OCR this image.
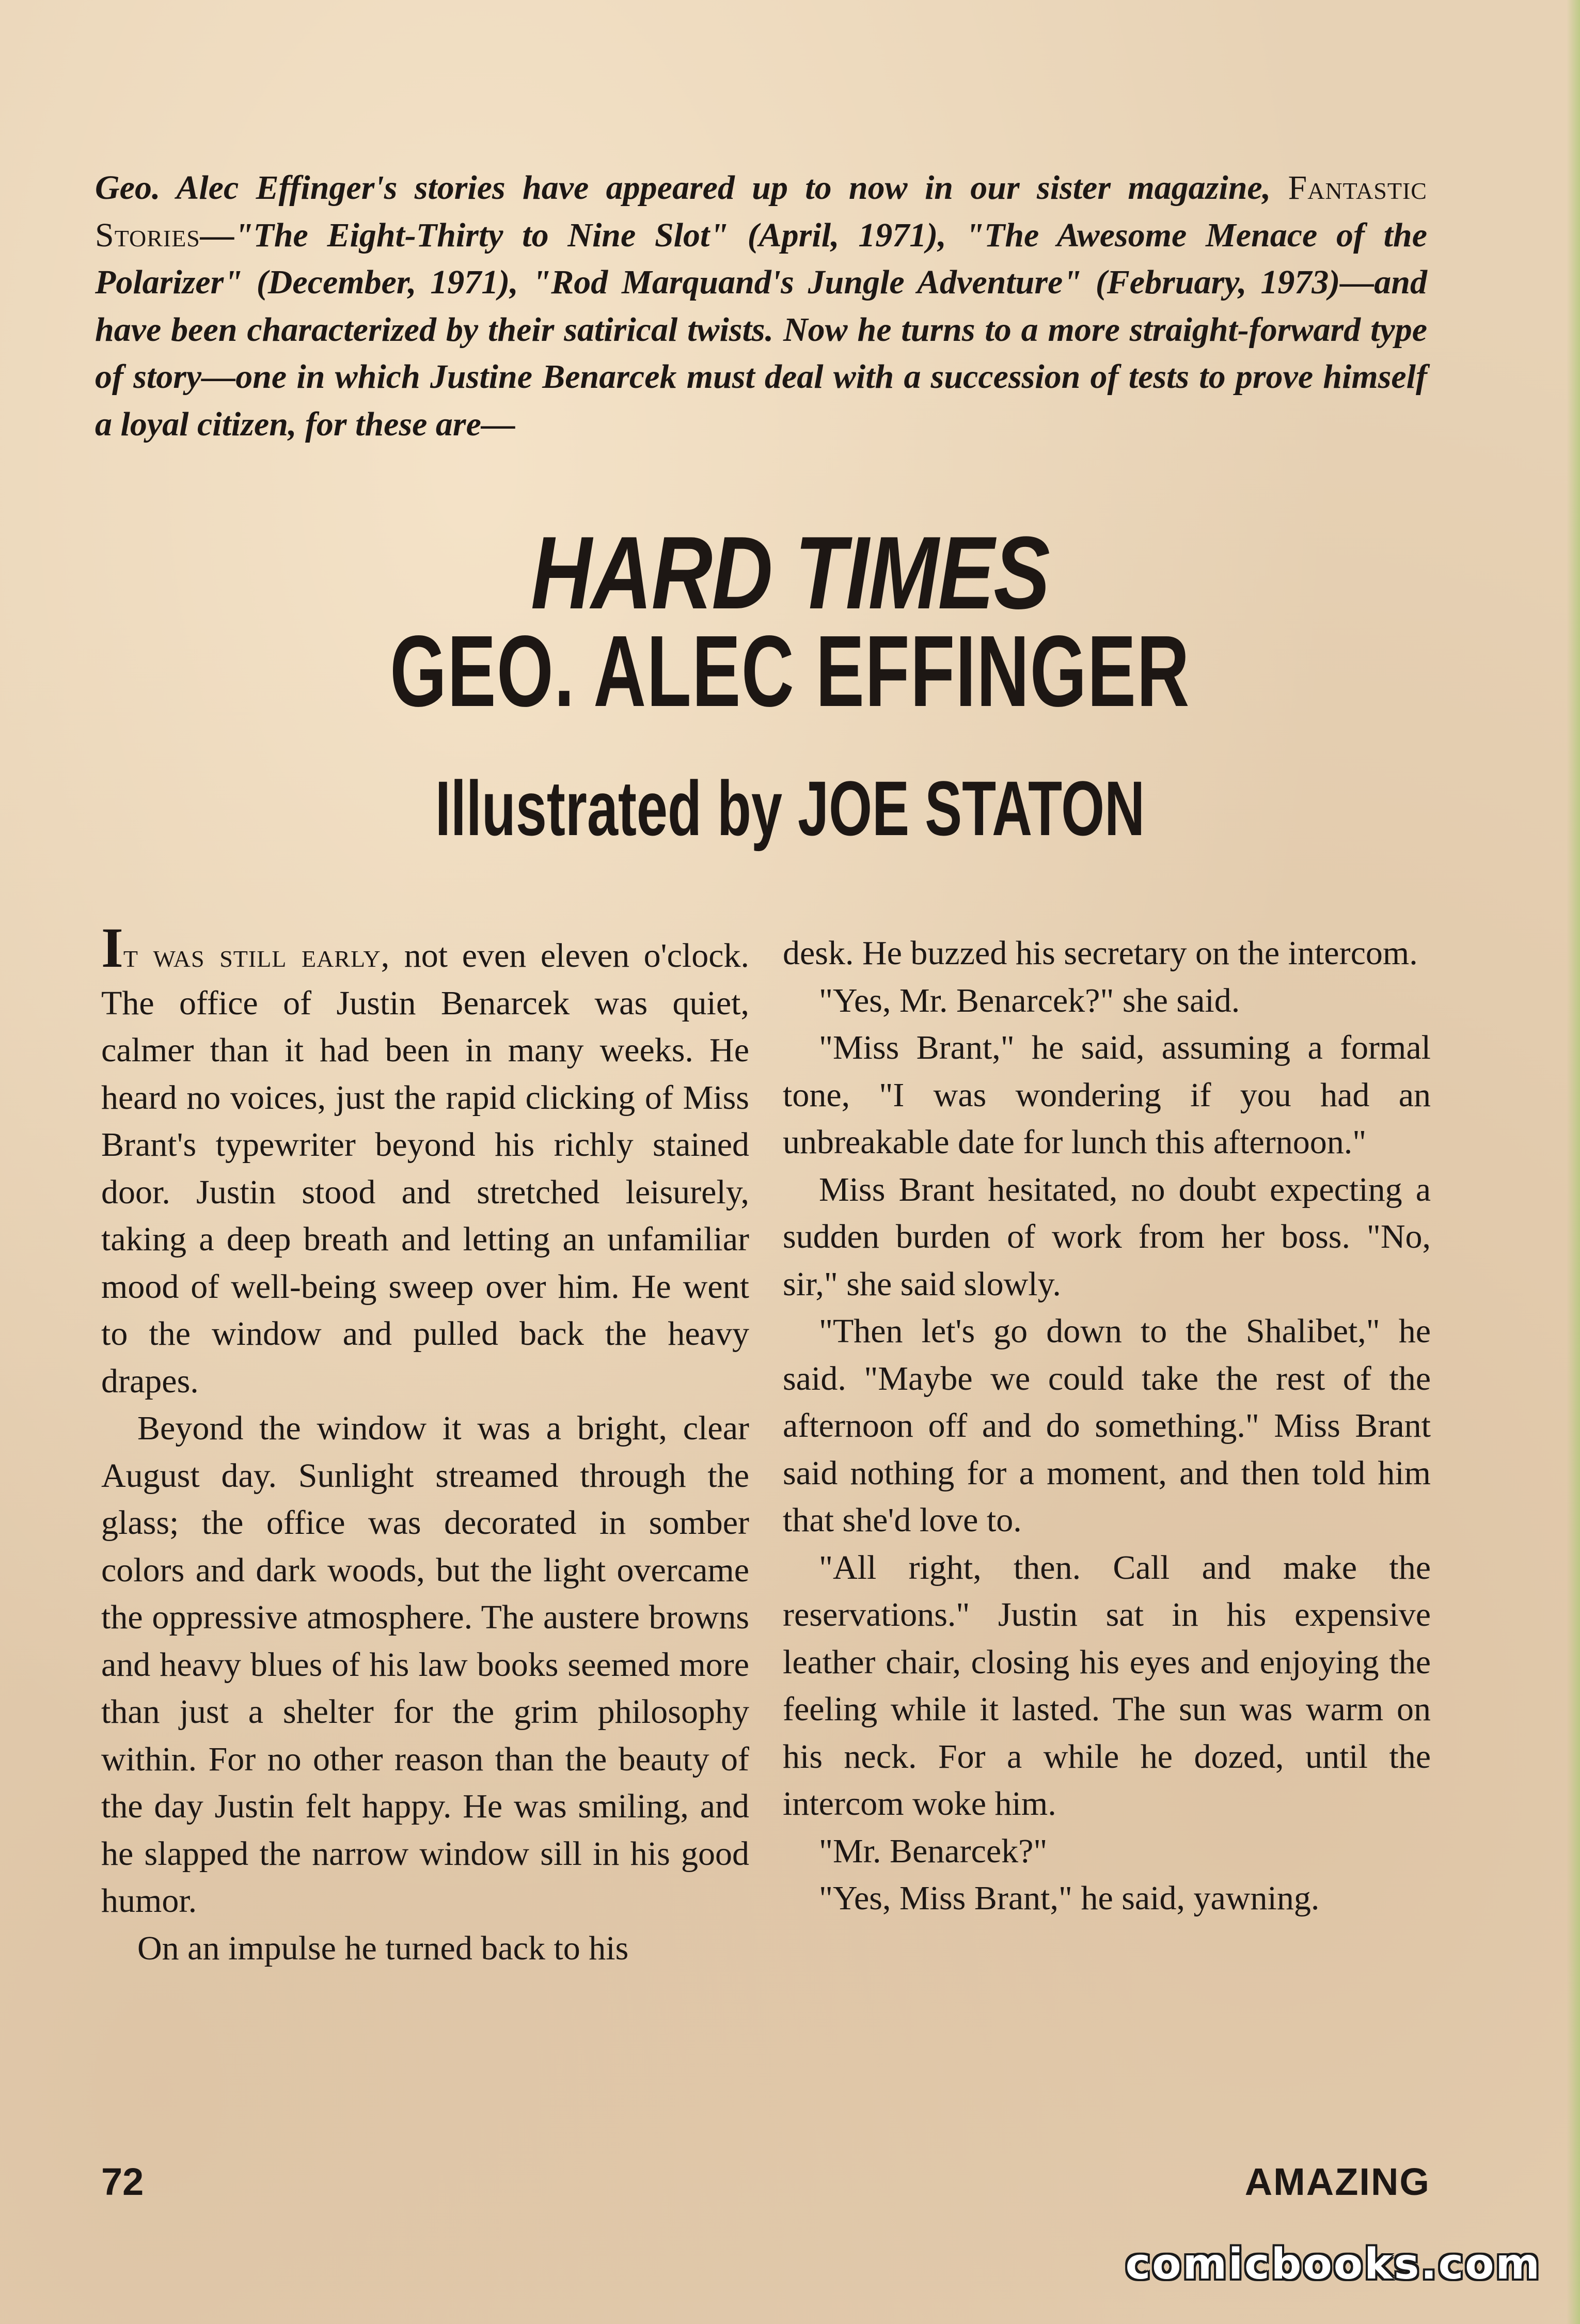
Geo. Alec Effinger's stories have appeared up to now in our sister magazine, Fantastic Stories—"The Eight-Thirty to Nine Slot" (April, 1971), "The Awesome Menace of the Polarizer" (December, 1971), "Rod Marquand's Jungle Adventure" (February, 1973)—and have been characterized by their satirical twists. Now he turns to a more straight-forward type of story—one in which Justine Benarcek must deal with a succession of tests to prove himself a loyal citizen, for these are—

HARD TIMES
GEO. ALEC EFFINGER
Illustrated by JOE STATON

It was still early, not even eleven o'clock. The office of Justin Benarcek was quiet, calmer than it had been in many weeks. He heard no voices, just the rapid clicking of Miss Brant's typewriter beyond his richly stained door. Justin stood and stretched leisurely, taking a deep breath and letting an unfamiliar mood of well-being sweep over him. He went to the window and pulled back the heavy drapes.

Beyond the window it was a bright, clear August day. Sunlight streamed through the glass; the office was decorated in somber colors and dark woods, but the light overcame the oppressive atmosphere. The austere browns and heavy blues of his law books seemed more than just a shelter for the grim philosophy within. For no other reason than the beauty of the day Justin felt happy. He was smiling, and he slapped the narrow window sill in his good humor.

On an impulse he turned back to his

desk. He buzzed his secretary on the intercom.

"Yes, Mr. Benarcek?" she said.

"Miss Brant," he said, assuming a formal tone, "I was wondering if you had an unbreakable date for lunch this afternoon."

Miss Brant hesitated, no doubt expecting a sudden burden of work from her boss. "No, sir," she said slowly.

"Then let's go down to the Shalibet," he said. "Maybe we could take the rest of the afternoon off and do something." Miss Brant said nothing for a moment, and then told him that she'd love to.

"All right, then. Call and make the reservations." Justin sat in his expensive leather chair, closing his eyes and enjoying the feeling while it lasted. The sun was warm on his neck. For a while he dozed, until the intercom woke him.

"Mr. Benarcek?"

"Yes, Miss Brant," he said, yawning.

72	AMAZING
comicbooks.com
